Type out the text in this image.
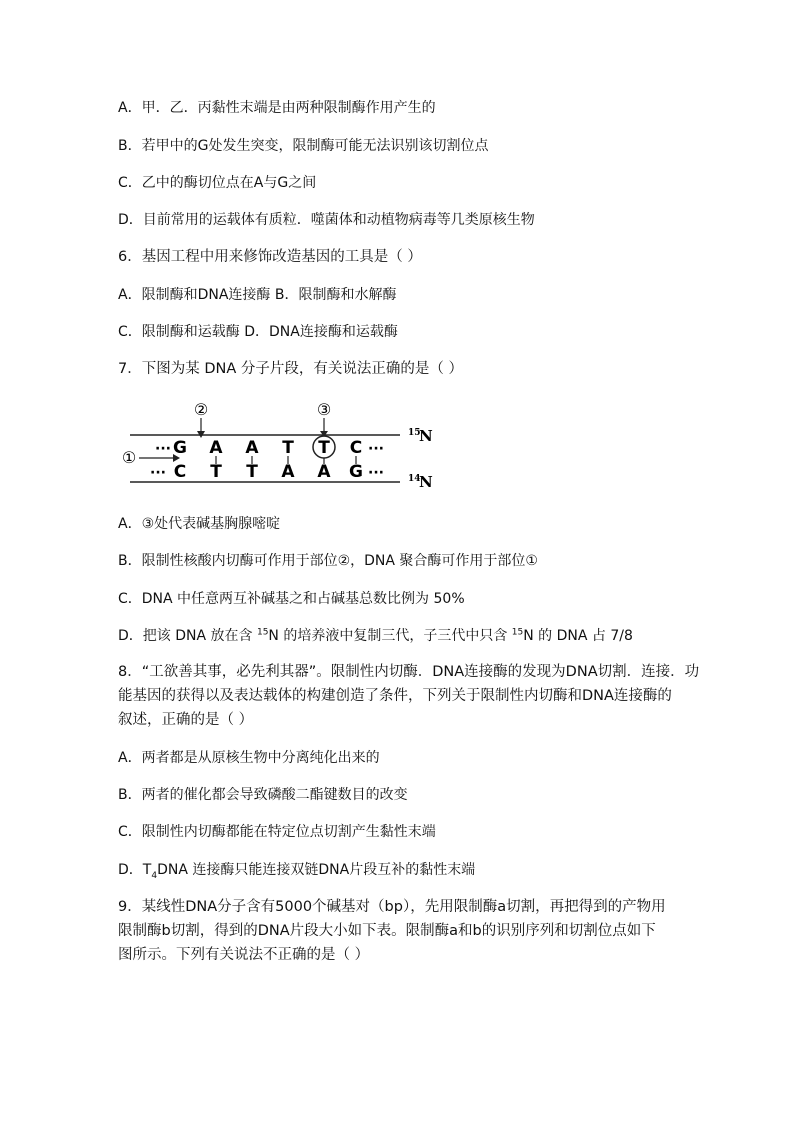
A．甲．乙．丙黏性末端是由两种限制酶作用产生的
B．若甲中的G处发生突变，限制酶可能无法识别该切割位点
C．乙中的酶切位点在A与G之间
D．目前常用的运载体有质粒．噬菌体和动植物病毒等几类原核生物
6．基因工程中用来修饰改造基因的工具是（ ）
A．限制酶和DNA连接酶 B．限制酶和水解酶
C．限制酶和运载酶 D．DNA连接酶和运载酶
7．下图为某 DNA 分子片段，有关说法正确的是（ ）
②	③
··· G A A T T C ···
①
··· C T T A A G ···
15
N
14
N
A．③处代表碱基胸腺嘧啶
B．限制性核酸内切酶可作用于部位②，DNA 聚合酶可作用于部位①
C．DNA 中任意两互补碱基之和占碱基总数比例为 50%
D．把该 DNA 放在含 $^{15}$N 的培养液中复制三代，子三代中只含 $^{15}$N 的 DNA 占 7/8
8．“工欲善其事，必先利其器”。限制性内切酶．DNA连接酶的发现为DNA切割．连接．功
能基因的获得以及表达载体的构建创造了条件，下列关于限制性内切酶和DNA连接酶的
叙述，正确的是（ ）
A．两者都是从原核生物中分离纯化出来的
B．两者的催化都会导致磷酸二酯键数目的改变
C．限制性内切酶都能在特定位点切割产生黏性末端
D．$T_4DNA$ 连接酶只能连接双链DNA片段互补的黏性末端
9．某线性DNA分子含有5000个碱基对（bp），先用限制酶a切割，再把得到的产物用
限制酶b切割，得到的DNA片段大小如下表。限制酶a和b的识别序列和切割位点如下
图所示。下列有关说法不正确的是（ ）
